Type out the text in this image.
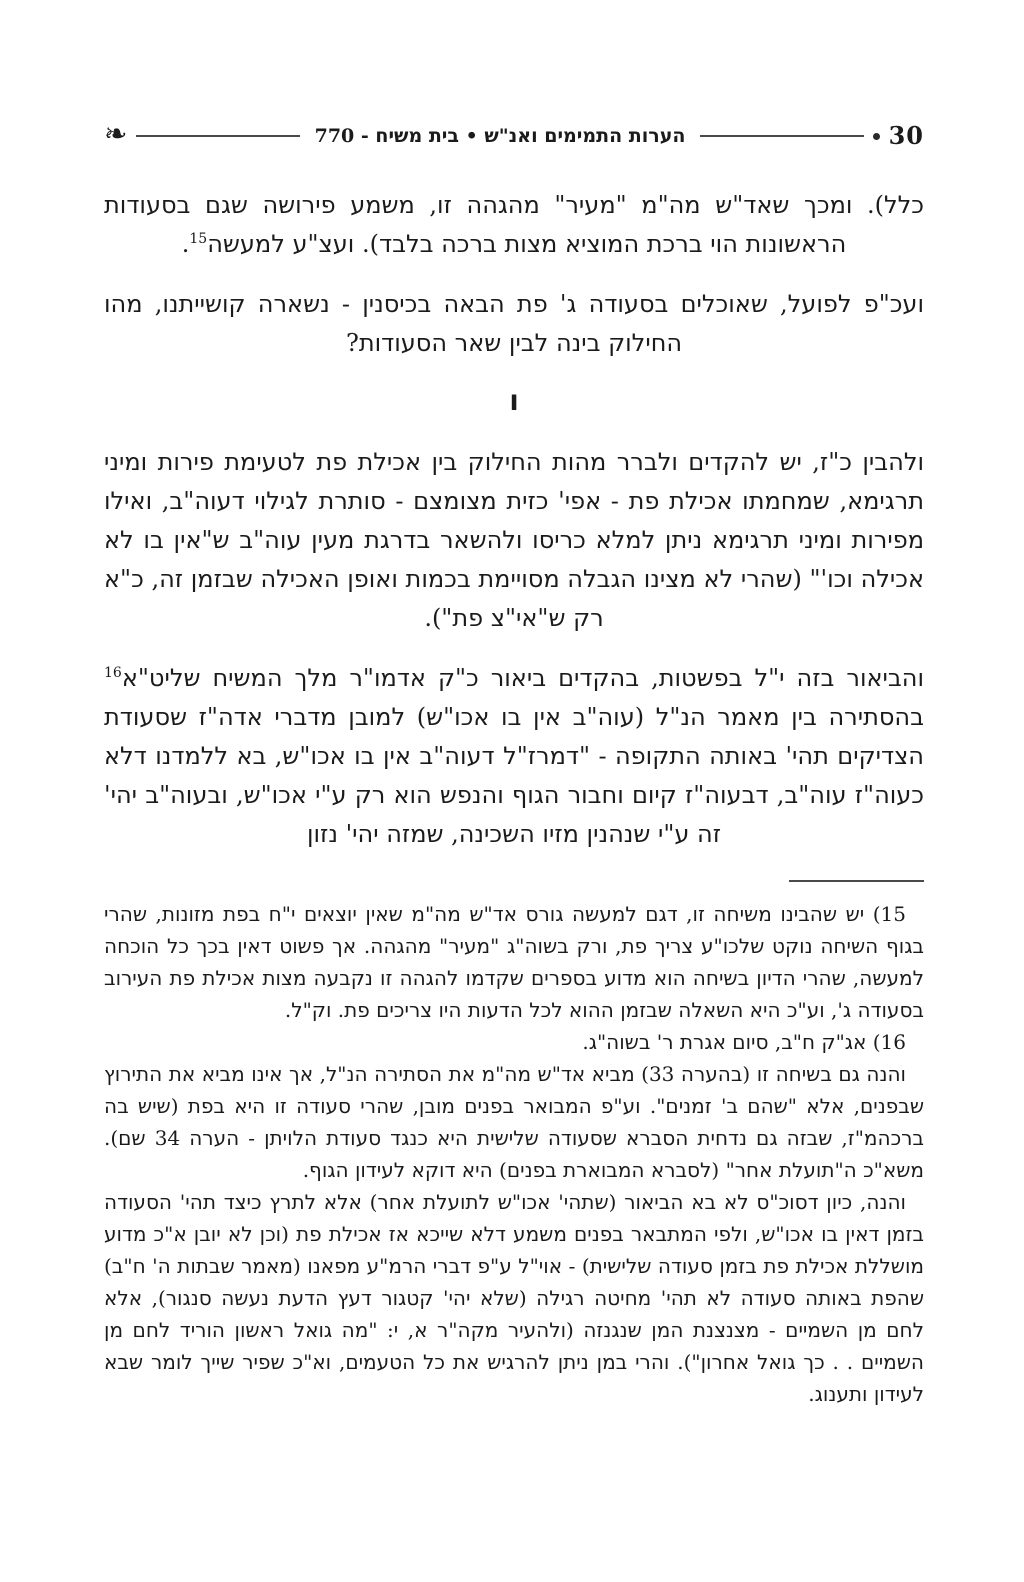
30
הערות התמימים ואנ"ש • בית משיח - 770
❧

כלל). ומכך שאד"ש מה"מ "מעיר" מהגהה זו, משמע פירושה שגם בסעודות הראשונות הוי ברכת המוציא מצות ברכה בלבד). ועצ"ע למעשה$^{15}$.

ועכ"פ לפועל, שאוכלים בסעודה ג' פת הבאה בכיסנין - נשארה קושייתנו, מהו החילוק בינה לבין שאר הסעודות?

ו

ולהבין כ"ז, יש להקדים ולברר מהות החילוק בין אכילת פת לטעימת פירות ומיני תרגימא, שמחמתו אכילת פת - אפי' כזית מצומצם - סותרת לגילוי דעוה"ב, ואילו מפירות ומיני תרגימא ניתן למלא כריסו ולהשאר בדרגת מעין עוה"ב ש"אין בו לא אכילה וכו'" (שהרי לא מצינו הגבלה מסויימת בכמות ואופן האכילה שבזמן זה, כ"א רק ש"אי"צ פת").

והביאור בזה י"ל בפשטות, בהקדים ביאור כ"ק אדמו"ר מלך המשיח שליט"א$^{16}$ בהסתירה בין מאמר הנ"ל (עוה"ב אין בו אכו"ש) למובן מדברי אדה"ז שסעודת הצדיקים תהי' באותה התקופה - "דמרז"ל דעוה"ב אין בו אכו"ש, בא ללמדנו דלא כעוה"ז עוה"ב, דבעוה"ז קיום וחבור הגוף והנפש הוא רק ע"י אכו"ש, ובעוה"ב יהי' זה ע"י שנהנין מזיו השכינה, שמזה יהי' נזון

15) יש שהבינו משיחה זו, דגם למעשה גורס אד"ש מה"מ שאין יוצאים י"ח בפת מזונות, שהרי בגוף השיחה נוקט שלכו"ע צריך פת, ורק בשוה"ג "מעיר" מהגהה. אך פשוט דאין בכך כל הוכחה למעשה, שהרי הדיון בשיחה הוא מדוע בספרים שקדמו להגהה זו נקבעה מצות אכילת פת העירוב בסעודה ג', וע"כ היא השאלה שבזמן ההוא לכל הדעות היו צריכים פת. וק"ל.

16) אג"ק ח"ב, סיום אגרת ר' בשוה"ג.

והנה גם בשיחה זו (בהערה 33) מביא אד"ש מה"מ את הסתירה הנ"ל, אך אינו מביא את התירוץ שבפנים, אלא "שהם ב' זמנים". וע"פ המבואר בפנים מובן, שהרי סעודה זו היא בפת (שיש בה ברכהמ"ז, שבזה גם נדחית הסברא שסעודה שלישית היא כנגד סעודת הלויתן - הערה 34 שם). משא"כ ה"תועלת אחר" (לסברא המבוארת בפנים) היא דוקא לעידון הגוף.

והנה, כיון דסוכ"ס לא בא הביאור (שתהי' אכו"ש לתועלת אחר) אלא לתרץ כיצד תהי' הסעודה בזמן דאין בו אכו"ש, ולפי המתבאר בפנים משמע דלא שייכא אז אכילת פת (וכן לא יובן א"כ מדוע מושללת אכילת פת בזמן סעודה שלישית) - אוי"ל ע"פ דברי הרמ"ע מפאנו (מאמר שבתות ה' ח"ב) שהפת באותה סעודה לא תהי' מחיטה רגילה (שלא יהי' קטגור דעץ הדעת נעשה סנגור), אלא לחם מן השמיים - מצנצנת המן שנגנזה (ולהעיר מקה"ר א, י: "מה גואל ראשון הוריד לחם מן השמיים . . כך גואל אחרון"). והרי במן ניתן להרגיש את כל הטעמים, וא"כ שפיר שייך לומר שבא לעידון ותענוג.
